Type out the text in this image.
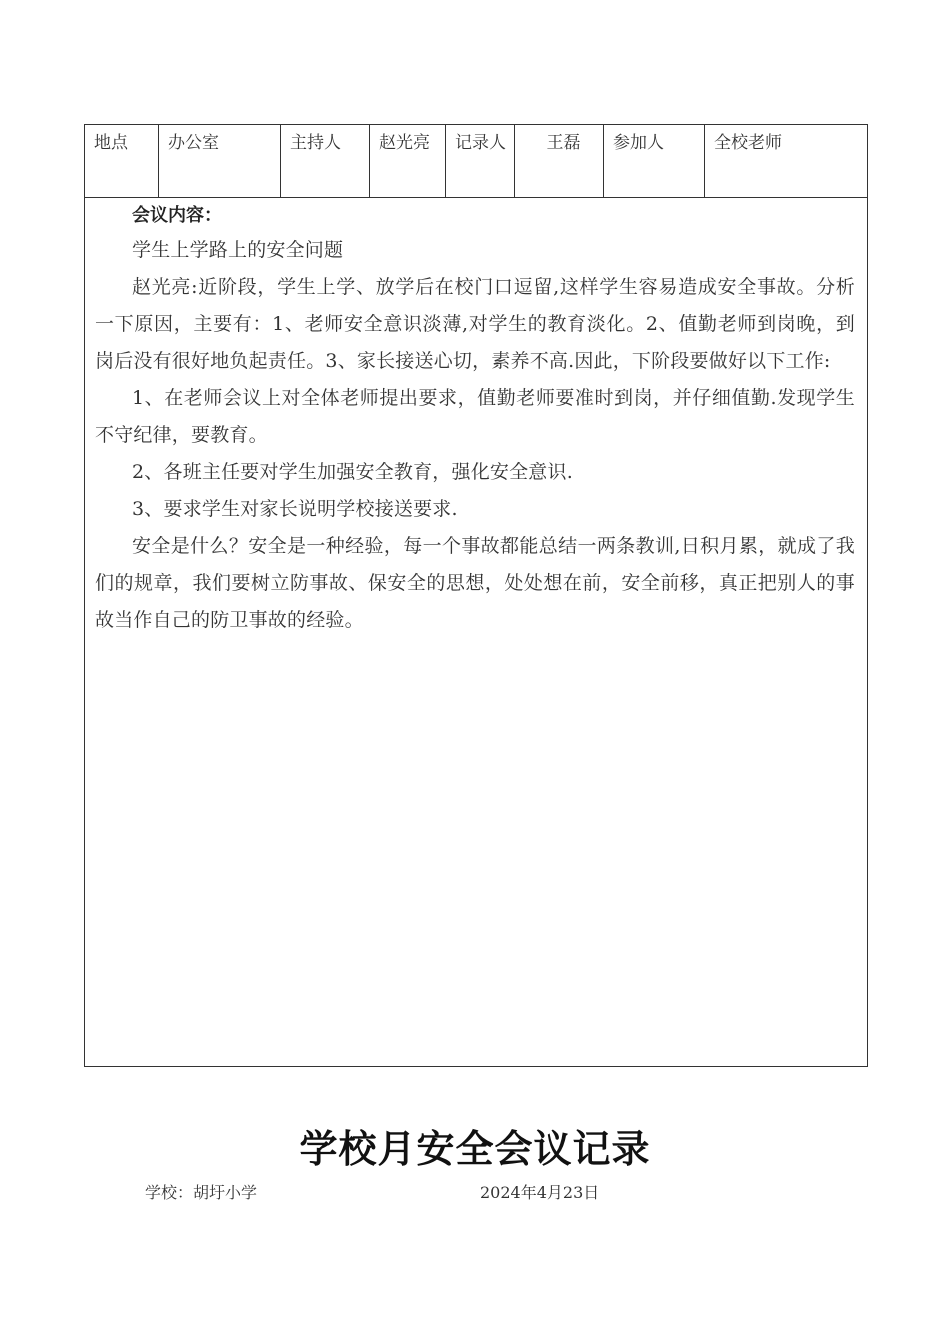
地点	办公室	主持人	赵光亮	记录人	王磊	参加人	全校老师

会议内容：

学生上学路上的安全问题

赵光亮:近阶段，学生上学、放学后在校门口逗留,这样学生容易造成安全事故。分析一下原因，主要有：1、老师安全意识淡薄,对学生的教育淡化。2、值勤老师到岗晚，到岗后没有很好地负起责任。3、家长接送心切，素养不高.因此，下阶段要做好以下工作:

1、在老师会议上对全体老师提出要求，值勤老师要准时到岗，并仔细值勤.发现学生不守纪律，要教育。

2、各班主任要对学生加强安全教育，强化安全意识.

3、要求学生对家长说明学校接送要求.

安全是什么？安全是一种经验，每一个事故都能总结一两条教训,日积月累，就成了我们的规章，我们要树立防事故、保安全的思想，处处想在前，安全前移，真正把别人的事故当作自己的防卫事故的经验。

学校月安全会议记录
学校：胡圩小学	2024年4月23日
